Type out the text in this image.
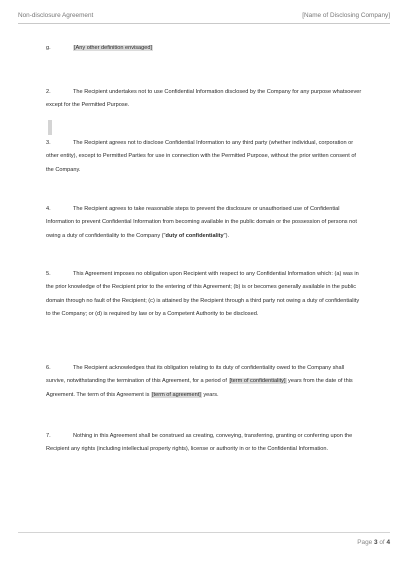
Non-disclosure Agreement	[Name of Disclosing Company]
g.	[Any other definition envisaged]
2.	The Recipient undertakes not to use Confidential Information disclosed by the Company for any purpose whatsoever except for the Permitted Purpose.
3.	The Recipient agrees not to disclose Confidential Information to any third party (whether individual, corporation or other entity), except to Permitted Parties for use in connection with the Permitted Purpose, without the prior written consent of the Company.
4.	The Recipient agrees to take reasonable steps to prevent the disclosure or unauthorised use of Confidential Information to prevent Confidential Information from becoming available in the public domain or the possession of persons not owing a duty of confidentiality to the Company ("duty of confidentiality").
5.	This Agreement imposes no obligation upon Recipient with respect to any Confidential Information which: (a) was in the prior knowledge of the Recipient prior to the entering of this Agreement; (b) is or becomes generally available in the public domain through no fault of the Recipient; (c) is attained by the Recipient through a third party not owing a duty of confidentiality to the Company; or (d) is required by law or by a Competent Authority to be disclosed.
6.	The Recipient acknowledges that its obligation relating to its duty of confidentiality owed to the Company shall survive, notwithstanding the termination of this Agreement, for a period of [term of confidentiality] years from the date of this Agreement. The term of this Agreement is [term of agreement] years.
7.	Nothing in this Agreement shall be construed as creating, conveying, transferring, granting or conferring upon the Recipient any rights (including intellectual property rights), license or authority in or to the Confidential Information.
Page 3 of 4
